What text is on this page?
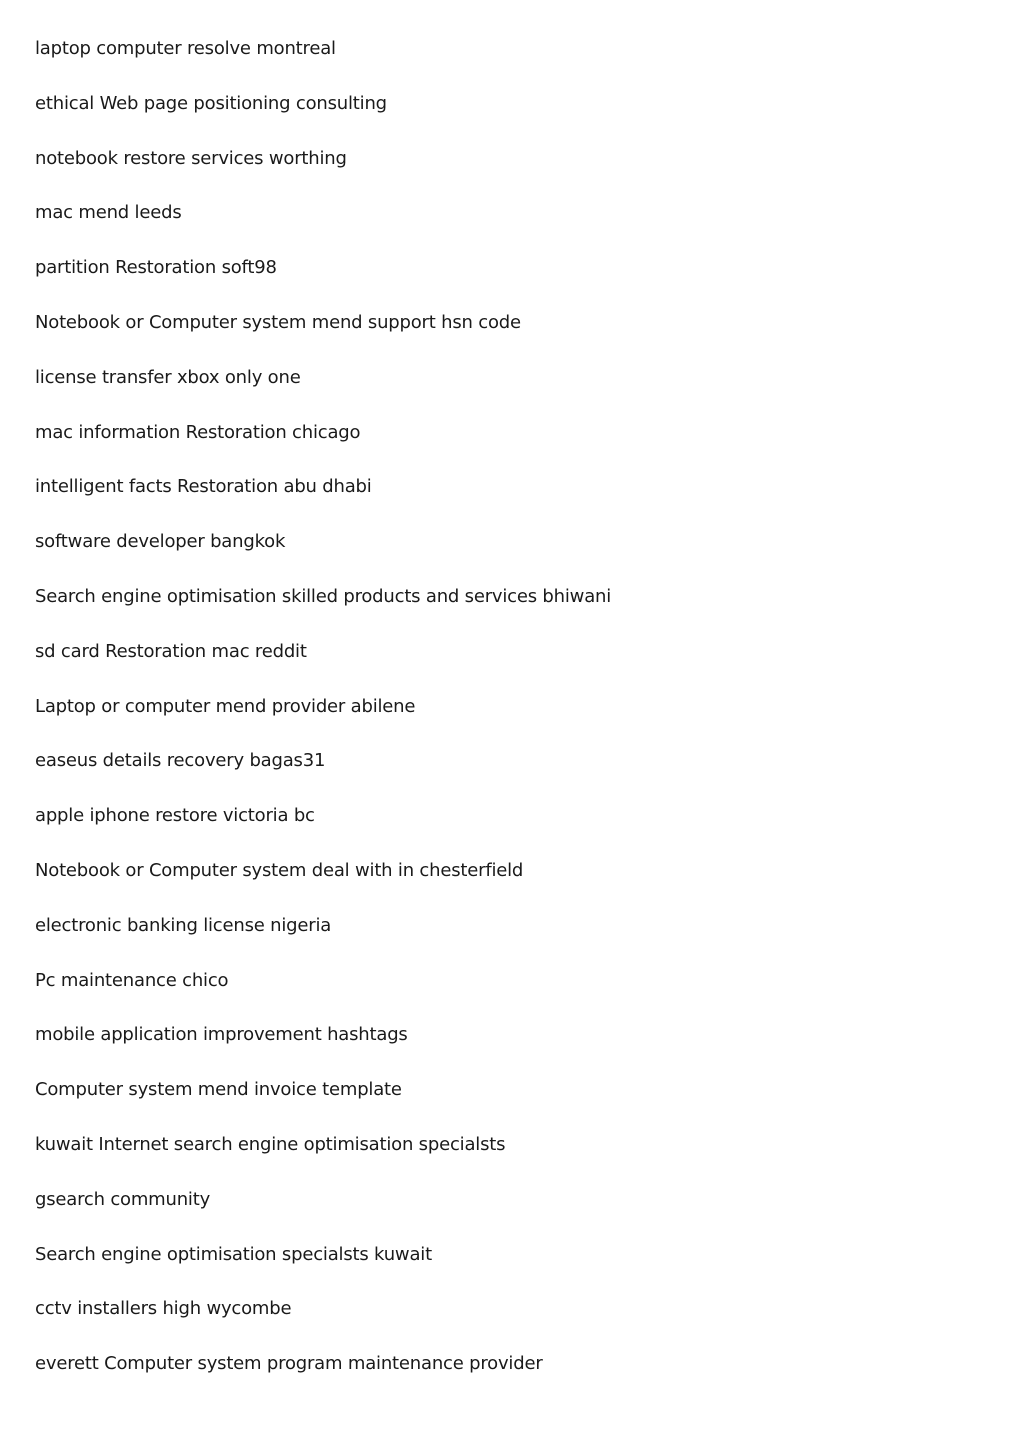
laptop computer resolve montreal
ethical Web page positioning consulting
notebook restore services worthing
mac mend leeds
partition Restoration soft98
Notebook or Computer system mend support hsn code
license transfer xbox only one
mac information Restoration chicago
intelligent facts Restoration abu dhabi
software developer bangkok
Search engine optimisation skilled products and services bhiwani
sd card Restoration mac reddit
Laptop or computer mend provider abilene
easeus details recovery bagas31
apple iphone restore victoria bc
Notebook or Computer system deal with in chesterfield
electronic banking license nigeria
Pc maintenance chico
mobile application improvement hashtags
Computer system mend invoice template
kuwait Internet search engine optimisation specialsts
gsearch community
Search engine optimisation specialsts kuwait
cctv installers high wycombe
everett Computer system program maintenance provider
